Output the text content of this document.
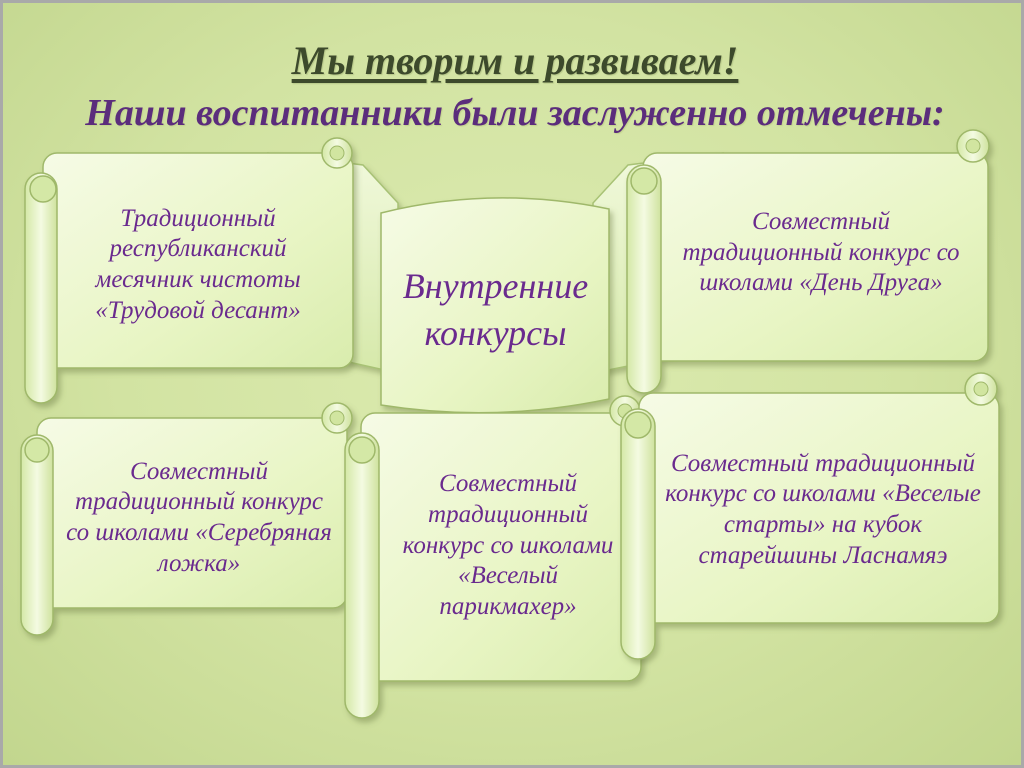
Мы творим и развиваем!
Наши воспитанники были заслуженно отмечены:
Внутренние конкурсы
Традиционный республиканский месячник чистоты «Трудовой десант»
Совместный традиционный конкурс со школами «День Друга»
Совместный традиционный конкурс со школами «Серебряная ложка»
Совместный традиционный конкурс со школами «Веселый парикмахер»
Совместный традиционный конкурс со школами «Веселые старты» на кубок старейшины Ласнамяэ
